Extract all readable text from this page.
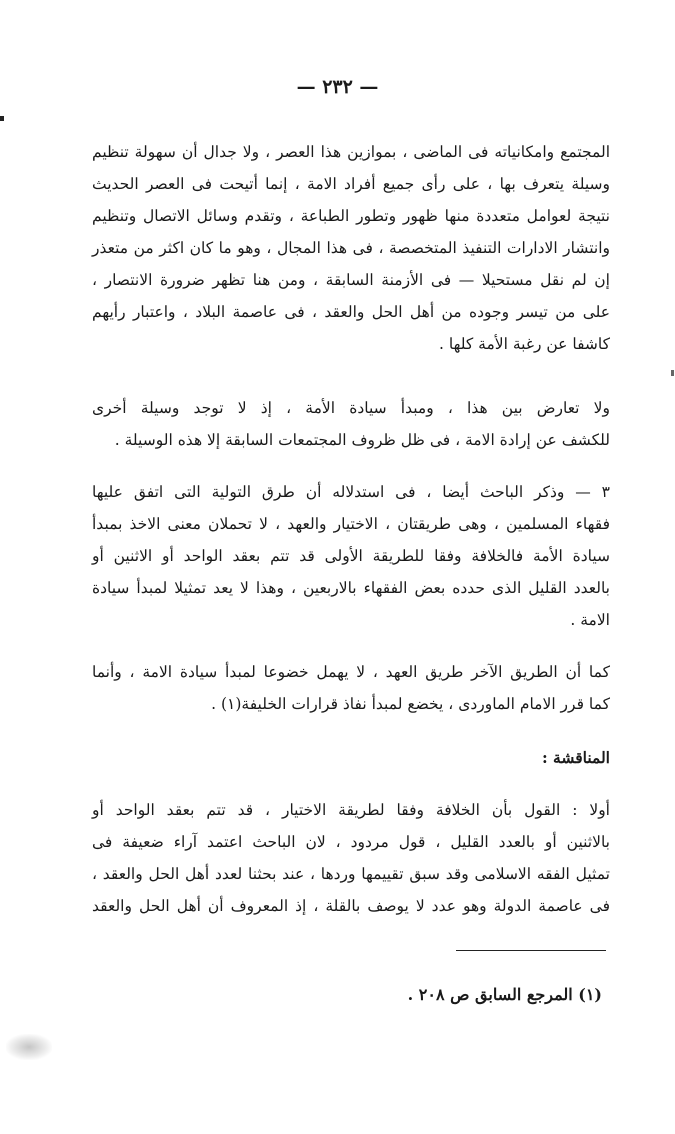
— ٢٣٢ —
المجتمع وامكانياته فى الماضى ، بموازين هذا العصر ، ولا جدال أن سهولة تنظيم
وسيلة يتعرف بها ، على رأى جميع أفراد الامة ، إنما أتيحت فى العصر الحديث
نتيجة لعوامل متعددة منها ظهور وتطور الطباعة ، وتقدم وسائل الاتصال وتنظيم
وانتشار الادارات التنفيذ المتخصصة ، فى هذا المجال ، وهو ما كان اكثر من متعذر
إن لم نقل مستحيلا — فى الأزمنة السابقة ، ومن هنا تظهر ضرورة الانتصار ،
على من تيسر وجوده من أهل الحل والعقد ، فى عاصمة البلاد ، واعتبار رأيهم
كاشفا عن رغبة الأمة كلها .
ولا تعارض بين هذا ، ومبدأ سيادة الأمة ، إذ لا توجد وسيلة أخرى
للكشف عن إرادة الامة ، فى ظل ظروف المجتمعات السابقة إلا هذه الوسيلة .
٣ — وذكر الباحث أيضا ، فى استدلاله أن طرق التولية التى اتفق عليها
فقهاء المسلمين ، وهى طريقتان ، الاختيار والعهد ، لا تحملان معنى الاخذ بمبدأ
سيادة الأمة فالخلافة وفقا للطريقة الأولى قد تتم بعقد الواحد أو الاثنين أو
بالعدد القليل الذى حدده بعض الفقهاء بالاربعين ، وهذا لا يعد تمثيلا لمبدأ سيادة
الامة .
كما أن الطريق الآخر طريق العهد ، لا يهمل خضوعا لمبدأ سيادة الامة ، وأنما
كما قرر الامام الماوردى ، يخضع لمبدأ نفاذ قرارات الخليفة(١) .
المناقشة :
أولا : القول بأن الخلافة وفقا لطريقة الاختيار ، قد تتم بعقد الواحد أو
بالاثنين أو بالعدد القليل ، قول مردود ، لان الباحث اعتمد آراء ضعيفة فى
تمثيل الفقه الاسلامى وقد سبق تقييمها وردها ، عند بحثنا لعدد أهل الحل والعقد ،
فى عاصمة الدولة وهو عدد لا يوصف بالقلة ، إذ المعروف أن أهل الحل والعقد
(١) المرجع السابق ص ٢٠٨ .
